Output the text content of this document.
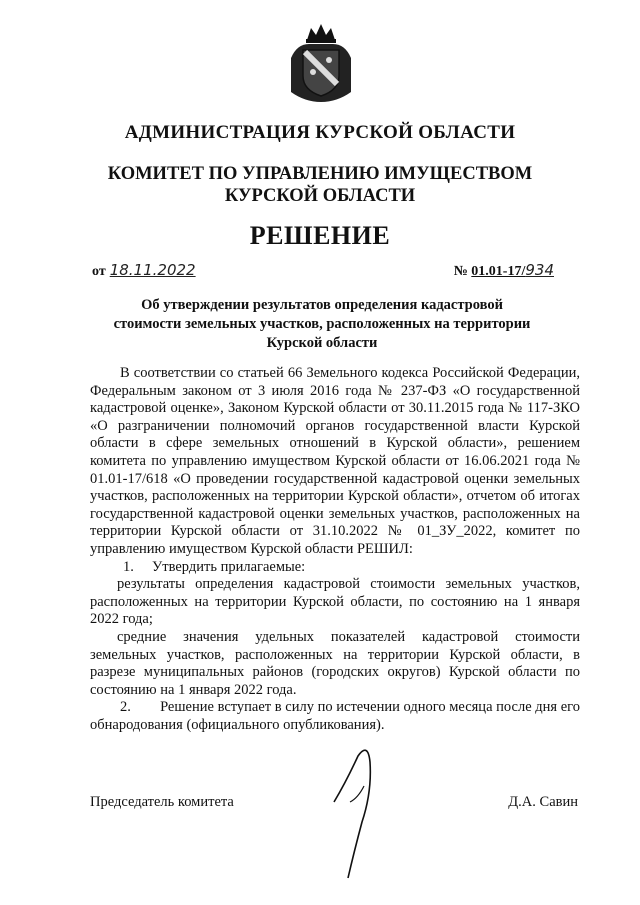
АДМИНИСТРАЦИЯ КУРСКОЙ ОБЛАСТИ
КОМИТЕТ ПО УПРАВЛЕНИЮ ИМУЩЕСТВОМ
КУРСКОЙ ОБЛАСТИ
РЕШЕНИЕ
от 18.11.2022	№ 01.01-17/934
Об утверждении результатов определения кадастровой
стоимости земельных участков, расположенных на территории
Курской области

В соответствии со статьей 66 Земельного кодекса Российской Федерации, Федеральным законом от 3 июля 2016 года № 237-ФЗ «О государственной кадастровой оценке», Законом Курской области от 30.11.2015 года № 117-ЗКО «О разграничении полномочий органов государственной власти Курской области в сфере земельных отношений в Курской области», решением комитета по управлению имуществом Курской области от 16.06.2021 года № 01.01-17/618 «О проведении государственной кадастровой оценки земельных участков, расположенных на территории Курской области», отчетом об итогах государственной кадастровой оценки земельных участков, расположенных на территории Курской области от 31.10.2022 № 01_ЗУ_2022, комитет по управлению имуществом Курской области РЕШИЛ:

1.	Утвердить прилагаемые:

результаты определения кадастровой стоимости земельных участков, расположенных на территории Курской области, по состоянию на 1 января 2022 года;

средние значения удельных показателей кадастровой стоимости земельных участков, расположенных на территории Курской области, в разрезе муниципальных районов (городских округов) Курской области по состоянию на 1 января 2022 года.

2. Решение вступает в силу по истечении одного месяца после дня его обнародования (официального опубликования).

Председатель комитета	Д.А. Савин
